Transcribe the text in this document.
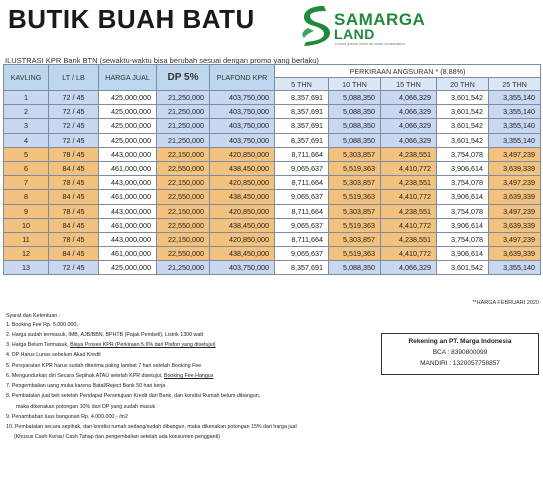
BUTIK BUAH BATU	SAMARGA
LAND
Lorem ipsum dolor sit amet consectetur
ILUSTRASI KPR Bank BTN (sewaktu-waktu bisa berubah sesuai dengan promo yang berlaku)
KAVLING	LT / LB	HARGA JUAL	DP 5%	PLAFOND KPR	PERKIRAAN ANGSURAN * (8.88%)				
					5 THN	10 THN	15 THN	20 THN	25 THN
1	72 / 45	425,000,000	21,250,000	403,750,000	8,357,691	5,088,350	4,066,329	3,601,542	3,355,140
2	72 / 45	425,000,000	21,250,000	403,750,000	8,357,691	5,088,350	4,066,329	3,601,542	3,355,140
3	72 / 45	425,000,000	21,250,000	403,750,000	8,357,691	5,088,350	4,066,329	3,601,542	3,355,140
4	72 / 45	425,000,000	21,250,000	403,750,000	8,357,691	5,088,350	4,066,329	3,601,542	3,355,140
5	78 / 45	443,000,000	22,150,000	420,850,000	8,711,664	5,303,857	4,238,551	3,754,078	3,497,239
6	84 / 45	461,000,000	22,550,000	438,450,000	9,065,637	5,519,363	4,410,772	3,906,614	3,639,339
7	78 / 45	443,000,000	22,150,000	420,850,000	8,711,664	5,303,857	4,238,551	3,754,078	3,497,239
8	84 / 45	461,000,000	22,550,000	438,450,000	9,065,637	5,519,363	4,410,772	3,906,614	3,639,339
9	78 / 45	443,000,000	22,150,000	420,850,000	8,711,664	5,303,857	4,238,551	3,754,078	3,497,239
10	84 / 45	461,000,000	22,550,000	438,450,000	9,065,637	5,519,363	4,410,772	3,906,614	3,639,339
11	78 / 45	443,000,000	22,150,000	420,850,000	8,711,664	5,303,857	4,238,551	3,754,078	3,497,239
12	84 / 45	461,000,000	22,550,000	438,450,000	9,065,637	5,519,363	4,410,772	3,906,614	3,639,339
13	72 / 45	425,000,000	21,250,000	403,750,000	8,357,691	5,088,350	4,066,329	3,601,542	3,355,140
**HARGA FEBRUARI 2020
Syarat dan Ketentuan :
1. Booking Fee Rp. 5.000.000,-
2. Harga sudah termasuk, IMB, AJB/BBN, BPHTB (Pajak Pembeli), Listrik 1300 watt
3. Harga Belum Termasuk, Biaya Proses KPR (Perkiraan 5.6% dari Plafon yang disetujui)
4. DP Harus Lunas sebelum Akad Kredit
5. Persyaratan KPR harus sudah diterima paling lambat 7 hari setelah Booking Fee
6. Mengundurkan diri Secara Sepihak ATAU setelah KPR disetujui, Booking Fee Hangus
7. Pengembalian uang muka karena Batal/Reject Bank 50 hari kerja
8. Pembatalan jual beli setelah Pendapat Persetujuan Kredit dari Bank, dan kondisi Rumah belum dibangun,
maka dikenakan potongan 10% dari DP yang sudah masuk
9. Penambahan luas bangunan Rp. 4.000.000,- /m2
10. Pembatalan secara sepihak, dan kondisi rumah sedang/sudah dibangun, maka dikenakan potongan 15% dari harga jual
(Khusus Cash Keras/ Cash Tahap dan pengembalian setelah ada konsumen pengganti)
Rekening an PT. Marga Indonesia
BCA : 8390800099
MANDIRI : 1320057758857
